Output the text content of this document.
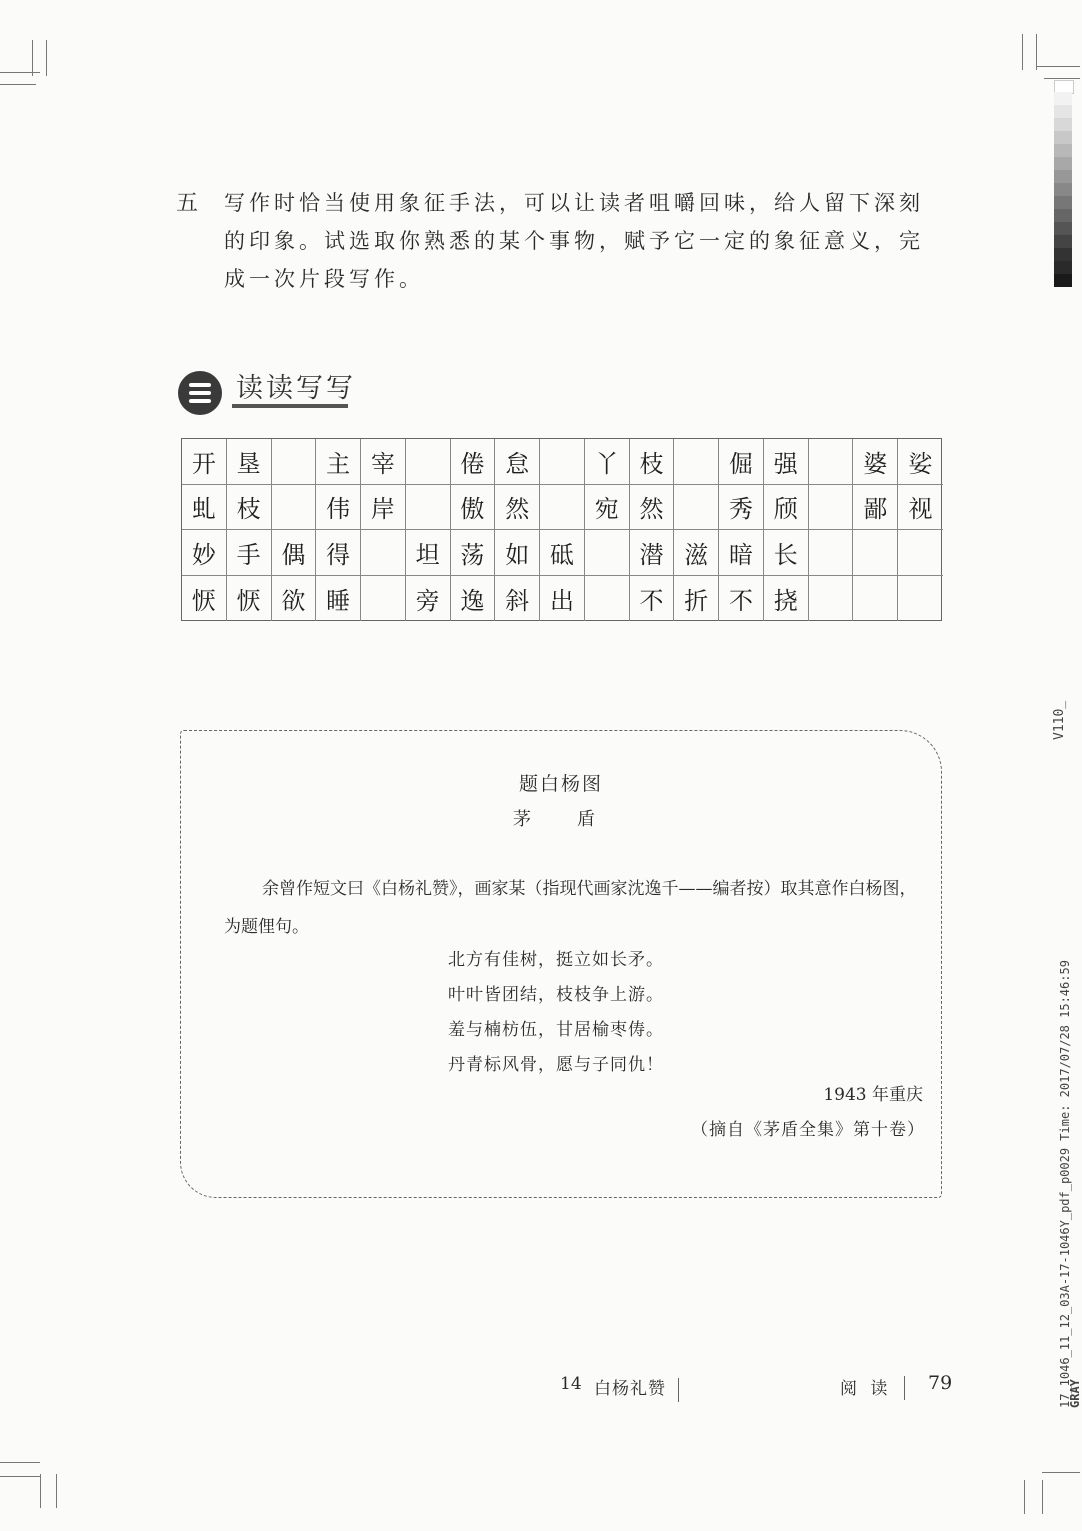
五 写作时恰当使用象征手法，可以让读者咀嚼回味，给人留下深刻的印象。试选取你熟悉的某个事物，赋予它一定的象征意义，完成一次片段写作。
读读写写
开 垦	主 宰	倦 怠	丫 枝	倔 强	婆 娑
虬 枝	伟 岸	傲 然	宛 然	秀 颀	鄙 视
妙 手 偶 得	坦 荡 如 砥	潜 滋 暗 长
恹 恹 欲 睡	旁 逸 斜 出	不 折 不 挠
题白杨图
茅　盾
余曾作短文曰《白杨礼赞》，画家某（指现代画家沈逸千——编者按）取其意作白杨图，为题俚句。
北方有佳树，挺立如长矛。
叶叶皆团结，枝枝争上游。
羞与楠枋伍，甘居榆枣俦。
丹青标风骨，愿与子同仇！
1943 年重庆
（摘自《茅盾全集》第十卷）
14 白杨礼赞	阅 读 79
V110_
17_1046_11_12_03A-17-1046Y_pdf_p0029 Time: 2017/07/28 15:46:59
GRAY
